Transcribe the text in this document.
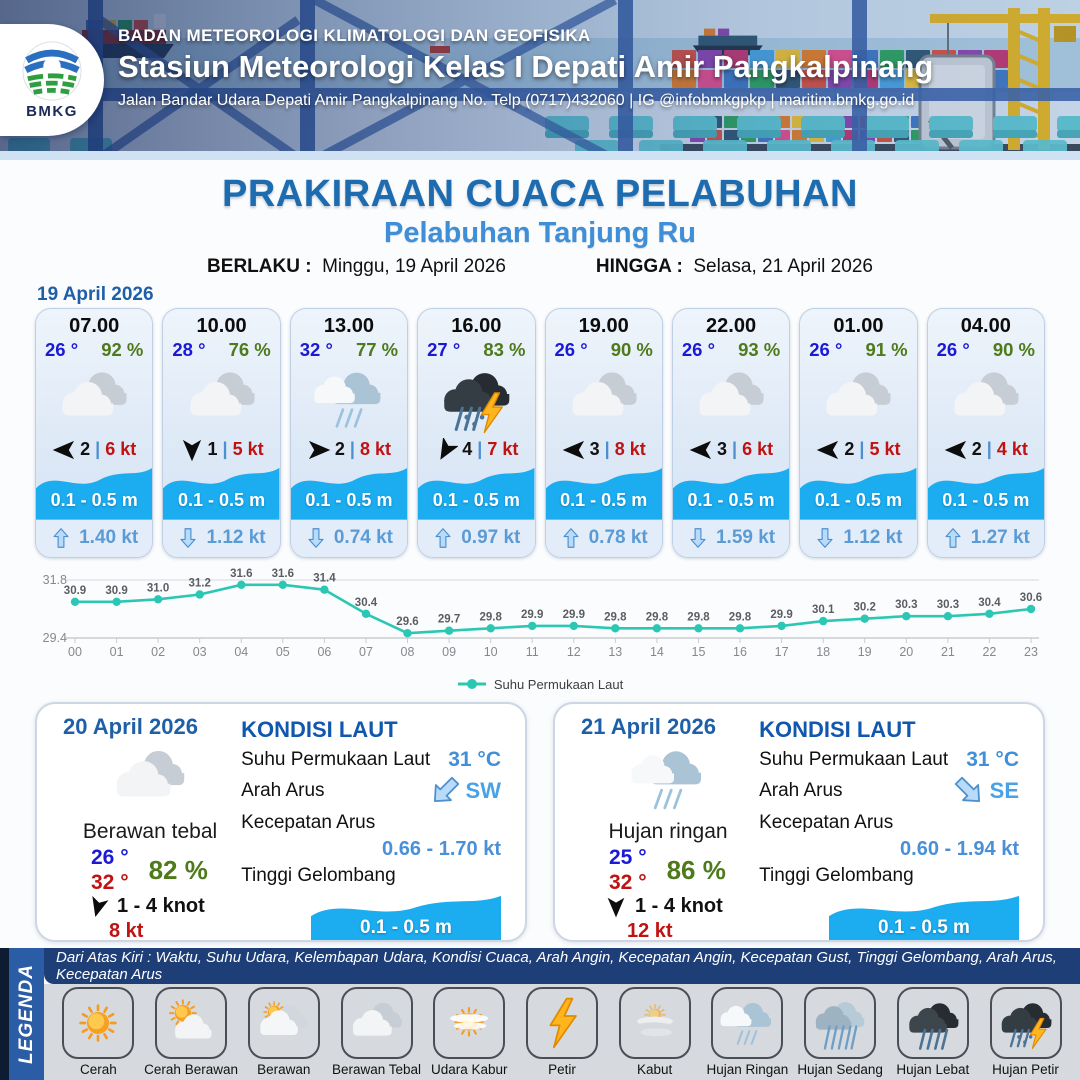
BMKG
BADAN METEOROLOGI KLIMATOLOGI DAN GEOFISIKA
Stasiun Meteorologi Kelas I Depati Amir Pangkalpinang
Jalan Bandar Udara Depati Amir Pangkalpinang No. Telp (0717)432060 | IG @infobmkgpkp | maritim.bmkg.go.id
PRAKIRAAN CUACA PELABUHAN
Pelabuhan Tanjung Ru
BERLAKU : Minggu, 19 April 2026	HINGGA : Selasa, 21 April 2026
19 April 2026
07.00
26 ° 92 %
2 | 6 kt
0.1 - 0.5 m
1.40 kt
10.00
28 ° 76 %
1 | 5 kt
0.1 - 0.5 m
1.12 kt
13.00
32 ° 77 %
2 | 8 kt
0.1 - 0.5 m
0.74 kt
16.00
27 ° 83 %
4 | 7 kt
0.1 - 0.5 m
0.97 kt
19.00
26 ° 90 %
3 | 8 kt
0.1 - 0.5 m
0.78 kt
22.00
26 ° 93 %
3 | 6 kt
0.1 - 0.5 m
1.59 kt
01.00
26 ° 91 %
2 | 5 kt
0.1 - 0.5 m
1.12 kt
04.00
26 ° 90 %
2 | 4 kt
0.1 - 0.5 m
1.27 kt
31.8
29.4
00 01 02 03 04 05 06 07 08 09 10 11 12 13 14 15 16 17 18 19 20 21 22 23
30.9 30.9 31.0 31.2
31.6 31.6 31.4
30.4
29.6 29.7 29.8 29.9 29.9 29.8 29.8 29.8 29.8 29.9 30.1 30.2 30.3 30.3 30.4 30.6
Suhu Permukaan Laut
20 April 2026
Berawan tebal
26 °
32 ° 82 %
1 - 4 knot
8 kt
KONDISI LAUT
Suhu Permukaan Laut 31 °C
Arah Arus	SW
Kecepatan Arus
0.66 - 1.70 kt
Tinggi Gelombang
0.1 - 0.5 m
21 April 2026
Hujan ringan
25 °
32 ° 86 %
1 - 4 knot
12 kt
KONDISI LAUT
Suhu Permukaan Laut 31 °C
Arah Arus	SE
Kecepatan Arus
0.60 - 1.94 kt
Tinggi Gelombang
0.1 - 0.5 m
LEGENDA
Dari Atas Kiri : Waktu, Suhu Udara, Kelembapan Udara, Kondisi Cuaca, Arah Angin, Kecepatan Angin, Kecepatan Gust, Tinggi Gelombang, Arah Arus, Kecepatan Arus
Cerah Cerah Berawan Berawan Berawan Tebal Udara Kabur	Petir	Kabut	Hujan Ringan Hujan Sedang Hujan Lebat Hujan Petir
